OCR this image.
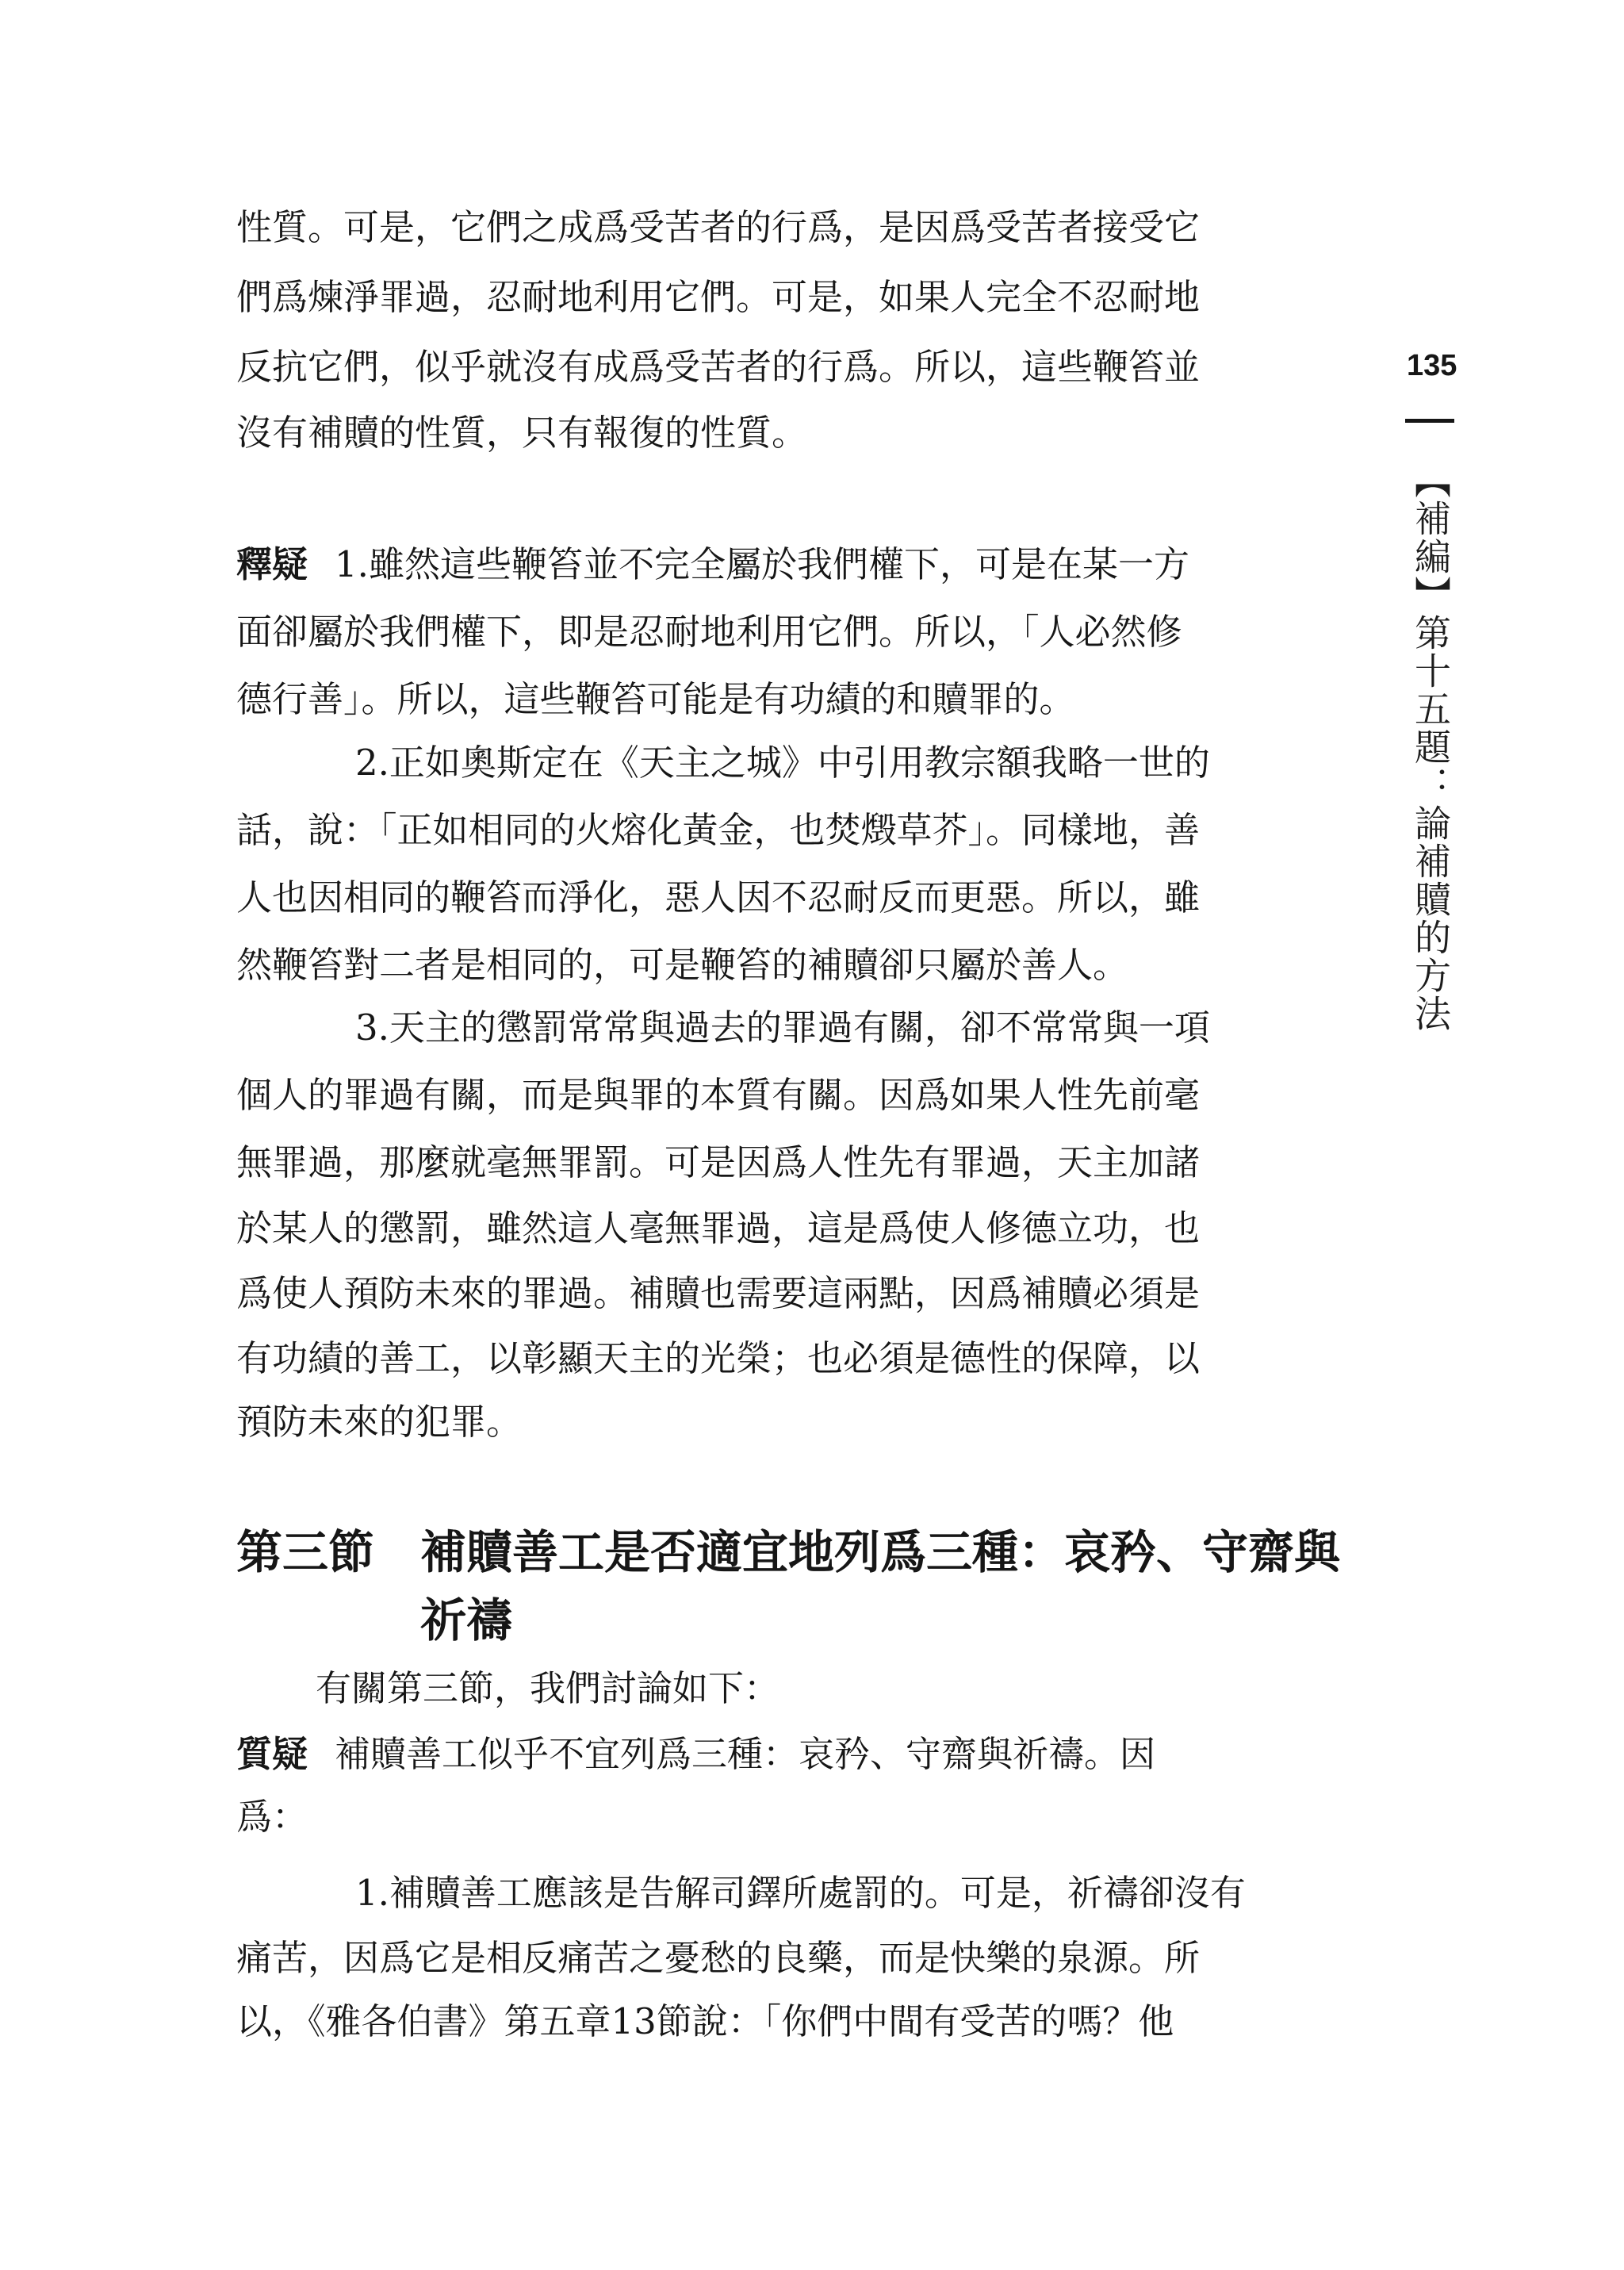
135
【補編】第十五題：論補贖的方法
性質。可是，它們之成爲受苦者的行爲，是因爲受苦者接受它
們爲煉淨罪過，忍耐地利用它們。可是，如果人完全不忍耐地
反抗它們，似乎就沒有成爲受苦者的行爲。所以，這些鞭笞並
沒有補贖的性質，只有報復的性質。
釋疑 1.雖然這些鞭笞並不完全屬於我們權下，可是在某一方
面卻屬於我們權下，即是忍耐地利用它們。所以，「人必然修
德行善」。所以，這些鞭笞可能是有功績的和贖罪的。
2.正如奧斯定在《天主之城》中引用教宗額我略一世的
話，說：「正如相同的火熔化黃金，也焚燬草芥」。同樣地，善
人也因相同的鞭笞而淨化，惡人因不忍耐反而更惡。所以，雖
然鞭笞對二者是相同的，可是鞭笞的補贖卻只屬於善人。
3.天主的懲罰常常與過去的罪過有關，卻不常常與一項
個人的罪過有關，而是與罪的本質有關。因爲如果人性先前毫
無罪過，那麼就毫無罪罰。可是因爲人性先有罪過，天主加諸
於某人的懲罰，雖然這人毫無罪過，這是爲使人修德立功，也
爲使人預防未來的罪過。補贖也需要這兩點，因爲補贖必須是
有功績的善工，以彰顯天主的光榮；也必須是德性的保障，以
預防未來的犯罪。
第三節 補贖善工是否適宜地列爲三種：哀矜、守齋與
祈禱
有關第三節，我們討論如下：
質疑 補贖善工似乎不宜列爲三種：哀矜、守齋與祈禱。因
爲：
1.補贖善工應該是告解司鐸所處罰的。可是，祈禱卻沒有
痛苦，因爲它是相反痛苦之憂愁的良藥，而是快樂的泉源。所
以，《雅各伯書》第五章13節說：「你們中間有受苦的嗎？他
